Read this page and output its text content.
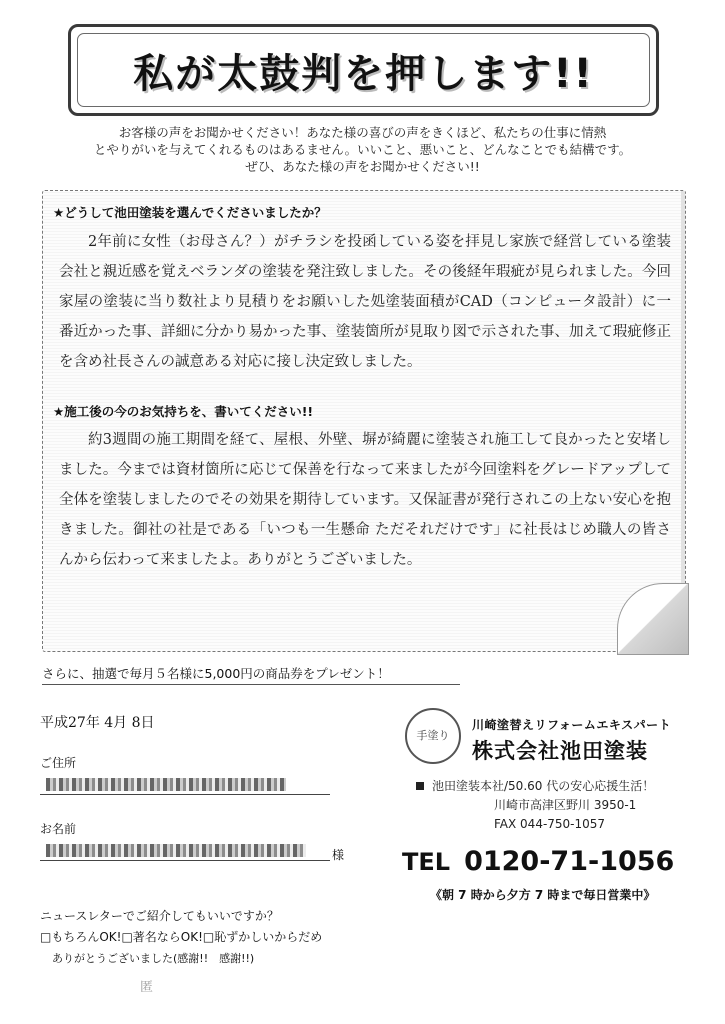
私が太鼓判を押します!!
お客様の声をお聞かせください！あなた様の喜びの声をきくほど、私たちの仕事に情熱
とやりがいを与えてくれるものはあるません。いいこと、悪いこと、どんなことでも結構です。
ぜひ、あなた様の声をお聞かせください!!
★どうして池田塗装を選んでくださいましたか？

2年前に女性（お母さん？）がチラシを投函している姿を拝見し家族で経営している塗装会社と親近感を覚えベランダの塗装を発注致しました。その後経年瑕疵が見られました。今回家屋の塗装に当り数社より見積りをお願いした処塗装面積がCAD（コンピュータ設計）に一番近かった事、詳細に分かり易かった事、塗装箇所が見取り図で示された事、加えて瑕疵修正を含め社長さんの誠意ある対応に接し決定致しました。

★施工後の今のお気持ちを、書いてください!!

約3週間の施工期間を経て、屋根、外壁、塀が綺麗に塗装され施工して良かったと安堵しました。今までは資材箇所に応じて保善を行なって来ましたが今回塗料をグレードアップして全体を塗装しましたのでその効果を期待しています。又保証書が発行されこの上ない安心を抱きました。御社の社是である「いつも一生懸命 ただそれだけです」に社長はじめ職人の皆さんから伝わって来ましたよ。ありがとうございました。

さらに、抽選で毎月５名様に5,000円の商品券をプレゼント！
平成27年 4月 8日
ご住所
お名前
様
ニュースレターでご紹介してもいいですか？
□もちろんOK!□著名ならOK!□恥ずかしいからだめ
ありがとうございました(感謝!!　感謝!!)
匿
手塗り
川崎塗替えリフォームエキスパート
株式会社池田塗装
池田塗装本社/50.60 代の安心応援生活！
川崎市高津区野川 3950-1
FAX 044-750-1057
TEL 0120-71-1056
《朝 7 時から夕方 7 時まで毎日営業中》
